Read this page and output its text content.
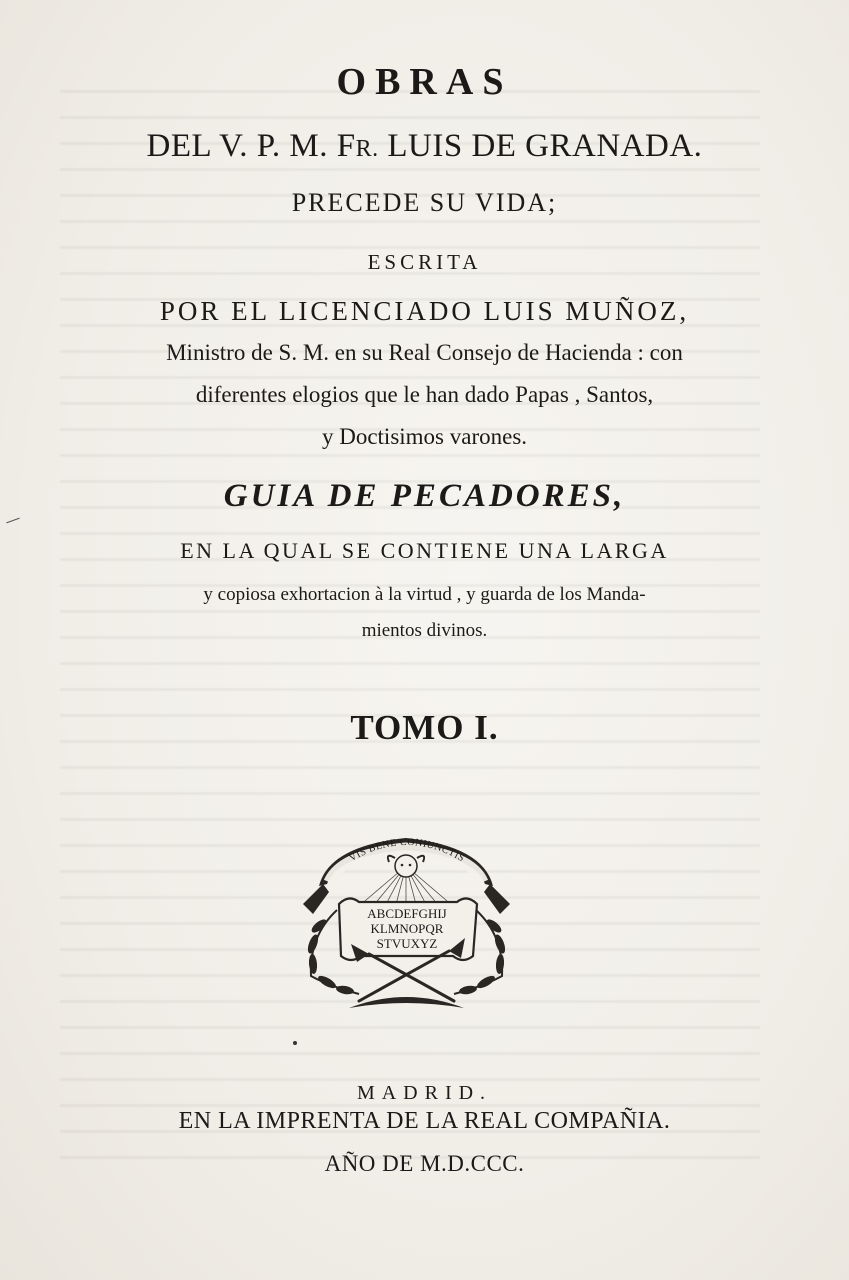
OBRAS
DEL V. P. M. FR. LUIS DE GRANADA.
PRECEDE SU VIDA;
ESCRITA
POR EL LICENCIADO LUIS MUÑOZ,
Ministro de S. M. en su Real Consejo de Hacienda : con
diferentes elogios que le han dado Papas , Santos,
y Doctisimos varones.
GUIA DE PECADORES,
EN LA QUAL SE CONTIENE UNA LARGA
y copiosa exhortacion à la virtud , y guarda de los Manda-
mientos divinos.
TOMO I.
VIS BENE CONIUNCTIS
ABCDEFGHIJ
KLMNOPQR
STVUXYZ
MADRID.
EN LA IMPRENTA DE LA REAL COMPAÑIA.
AÑO DE M.D.CCC.
